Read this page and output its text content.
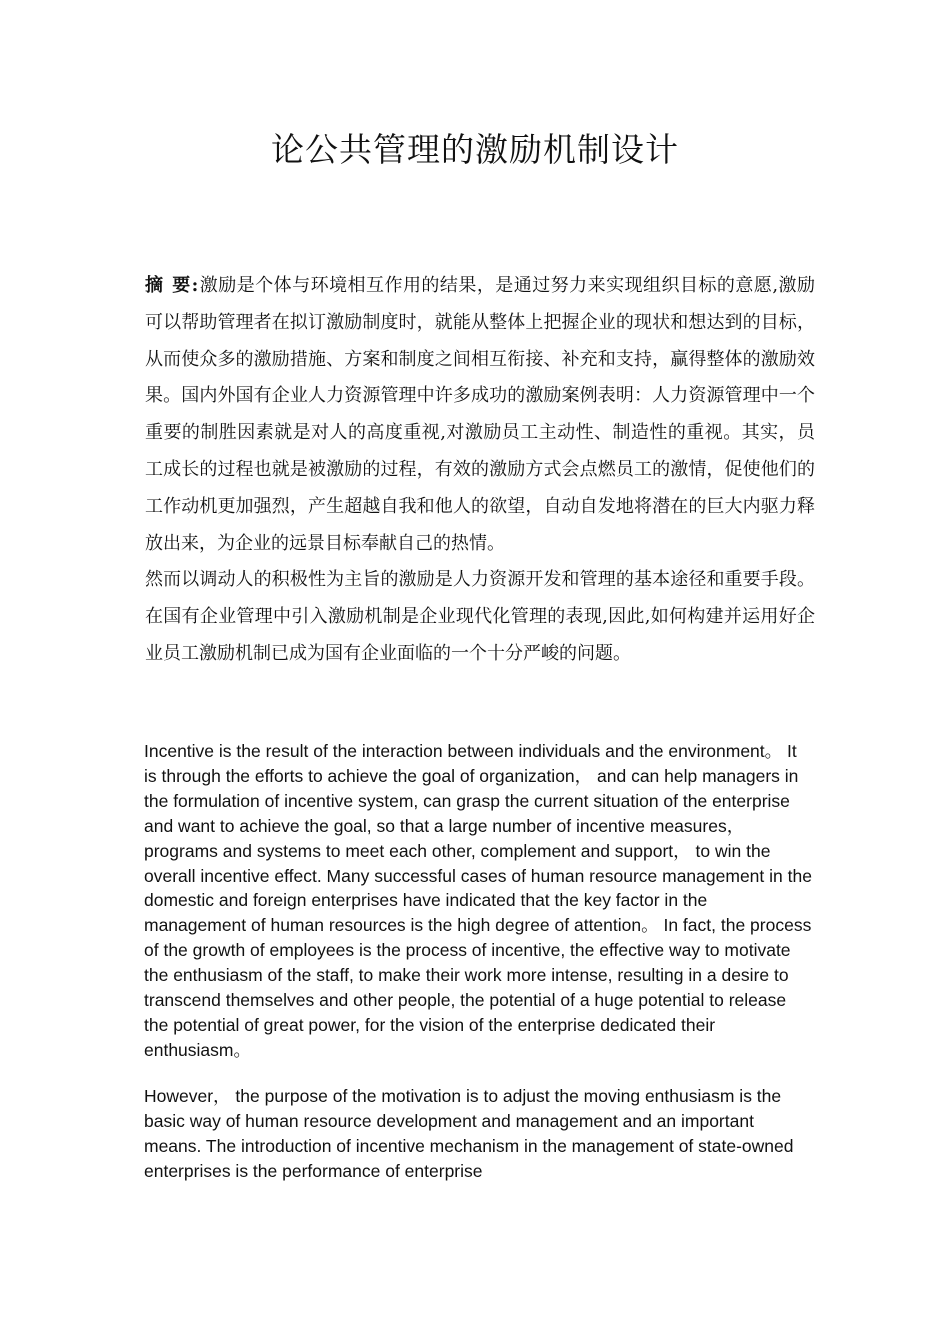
论公共管理的激励机制设计

摘 要:激励是个体与环境相互作用的结果，是通过努力来实现组织目标的意愿,激励可以帮助管理者在拟订激励制度时，就能从整体上把握企业的现状和想达到的目标，从而使众多的激励措施、方案和制度之间相互衔接、补充和支持，赢得整体的激励效果。国内外国有企业人力资源管理中许多成功的激励案例表明：人力资源管理中一个重要的制胜因素就是对人的高度重视,对激励员工主动性、制造性的重视。其实，员工成长的过程也就是被激励的过程，有效的激励方式会点燃员工的激情，促使他们的工作动机更加强烈，产生超越自我和他人的欲望，自动自发地将潜在的巨大内驱力释放出来，为企业的远景目标奉献自己的热情。

然而以调动人的积极性为主旨的激励是人力资源开发和管理的基本途径和重要手段。在国有企业管理中引入激励机制是企业现代化管理的表现,因此,如何构建并运用好企业员工激励机制已成为国有企业面临的一个十分严峻的问题。

Incentive is the result of the interaction between individuals and the environment。 It is through the efforts to achieve the goal of organization， and can help managers in the formulation of incentive system, can grasp the current situation of the enterprise and want to achieve the goal, so that a large number of incentive measures， programs and systems to meet each other, complement and support， to win the overall incentive effect. Many successful cases of human resource management in the domestic and foreign enterprises have indicated that the key factor in the management of human resources is the high degree of attention。 In fact, the process of the growth of employees is the process of incentive, the effective way to motivate the enthusiasm of the staff, to make their work more intense, resulting in a desire to transcend themselves and other people, the potential of a huge potential to release the potential of great power, for the vision of the enterprise dedicated their enthusiasm。

However， the purpose of the motivation is to adjust the moving enthusiasm is the basic way of human resource development and management and an important means. The introduction of incentive mechanism in the management of state-owned enterprises is the performance of enterprise
